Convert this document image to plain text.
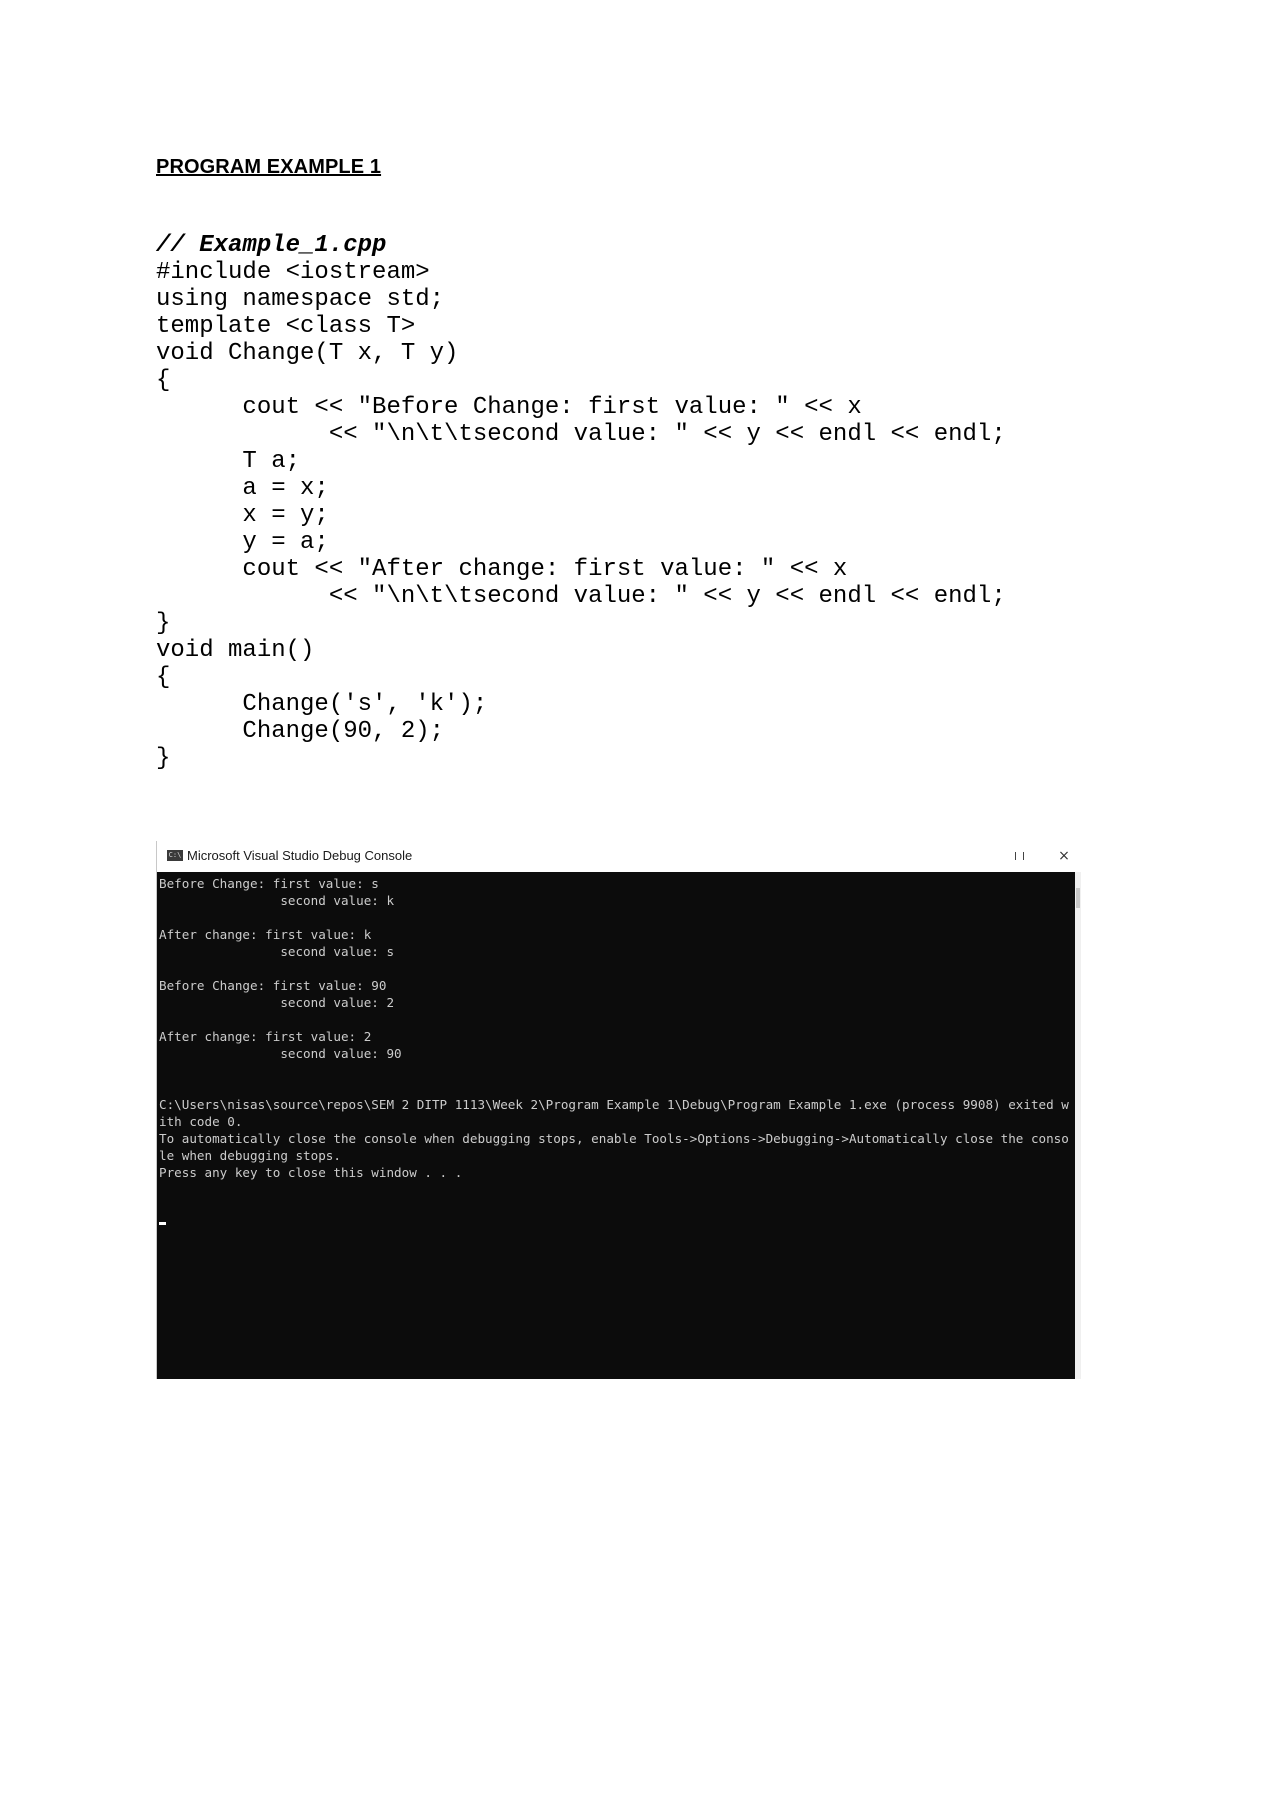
PROGRAM EXAMPLE 1
// Example_1.cpp
#include <iostream>
using namespace std;
template <class T>
void Change(T x, T y)
{
cout << "Before Change: first value: " << x
<< "\n\t\tsecond value: " << y << endl << endl;
T a;
a = x;
x = y;
y = a;
cout << "After change: first value: " << x
<< "\n\t\tsecond value: " << y << endl << endl;
}
void main()
{
Change('s', 'k');
Change(90, 2);
}
C:\ Microsoft Visual Studio Debug Console	×
Before Change: first value: s
second value: k
After change: first value: k
second value: s
Before Change: first value: 90
second value: 2
After change: first value: 2
second value: 90
C:\Users\nisas\source\repos\SEM 2 DITP 1113\Week 2\Program Example 1\Debug\Program Example 1.exe (process 9908) exited w
ith code 0.
To automatically close the console when debugging stops, enable Tools->Options->Debugging->Automatically close the conso
le when debugging stops.
Press any key to close this window . . .
